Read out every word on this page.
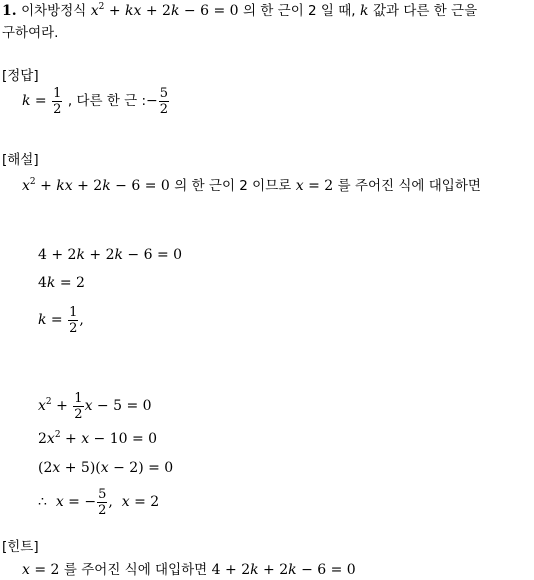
1. 이차방정식 $x^2$ + kx + 2k − 6 = 0 의 한 근이 2 일 때, k 값과 다른 한 근을
구하여라.
[정답]
$k = \frac{1}{2}$ , 다른 한 근 :− $\frac{5}{2}$
[해설]
$x^2$ + kx + 2k − 6 = 0 의 한 근이 2 이므로 x = 2 를 주어진 식에 대입하면
4 + 2k + 2k − 6 = 0
4k = 2
$k = \frac{1}{2}$ ,
$x^2 + \frac{1}{2}$ x − 5 = 0
$2x^2 + x - 10 = 0$
(2x + 5)(x − 2) = 0
∴  x = − $\frac{5}{2}$ ,  x = 2
[힌트]
x = 2 를 주어진 식에 대입하면 4 + 2k + 2k − 6 = 0
